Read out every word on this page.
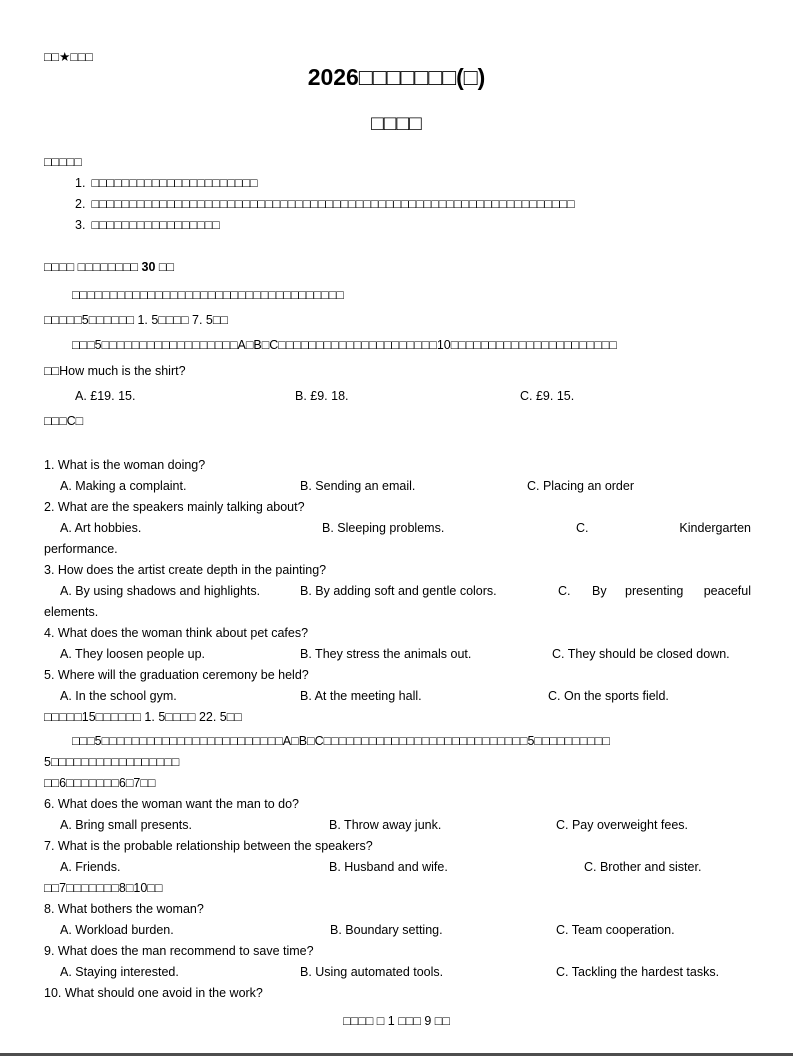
□□★□□□
2026□□□□□□□(□)
□□□□
□□□□□
1. □□□□□□□□□□□□□□□□□□□□□□
2. □□□□□□□□□□□□□□□□□□□□□□□□□□□□□□□□□□□□□□□□□□□□□□□□□□□□□□□□□□□□□□□□
3. □□□□□□□□□□□□□□□□□
□□□□ □□□□□□□□ 30 □□
□□□□□□□□□□□□□□□□□□□□□□□□□□□□□□□□□□□□
□□□□□5□□□□□□ 1. 5□□□□ 7. 5□□
□□□5□□□□□□□□□□□□□□□□□□A□B□C□□□□□□□□□□□□□□□□□□□□□10□□□□□□□□□□□□□□□□□□□□□□
□□How much is the shirt?
A. £19. 15.	B. £9. 18.	C. £9. 15.
□□□C□
1. What is the woman doing?
A. Making a complaint.	B. Sending an email.	C. Placing an order
2. What are the speakers mainly talking about?
A. Art hobbies.	B. Sleeping problems.	C.	Kindergarten
performance.
3. How does the artist create depth in the painting?
A. By using shadows and highlights.	B. By adding soft and gentle colors.	C. By presenting peaceful
elements.
4. What does the woman think about pet cafes?
A. They loosen people up.	B. They stress the animals out.	C. They should be closed down.
5. Where will the graduation ceremony be held?
A. In the school gym.	B. At the meeting hall.	C. On the sports field.
□□□□□15□□□□□□ 1. 5□□□□ 22. 5□□
□□□5□□□□□□□□□□□□□□□□□□□□□□□□A□B□C□□□□□□□□□□□□□□□□□□□□□□□□□□□5□□□□□□□□□□
5□□□□□□□□□□□□□□□□□
□□6□□□□□□□6□7□□
6. What does the woman want the man to do?
A. Bring small presents.	B. Throw away junk.	C. Pay overweight fees.
7. What is the probable relationship between the speakers?
A. Friends.	B. Husband and wife.	C. Brother and sister.
□□7□□□□□□□8□10□□
8. What bothers the woman?
A. Workload burden.	B. Boundary setting.	C. Team cooperation.
9. What does the man recommend to save time?
A. Staying interested.	B. Using automated tools.	C. Tackling the hardest tasks.
10. What should one avoid in the work?
□□□□ □ 1 □□□ 9 □□
